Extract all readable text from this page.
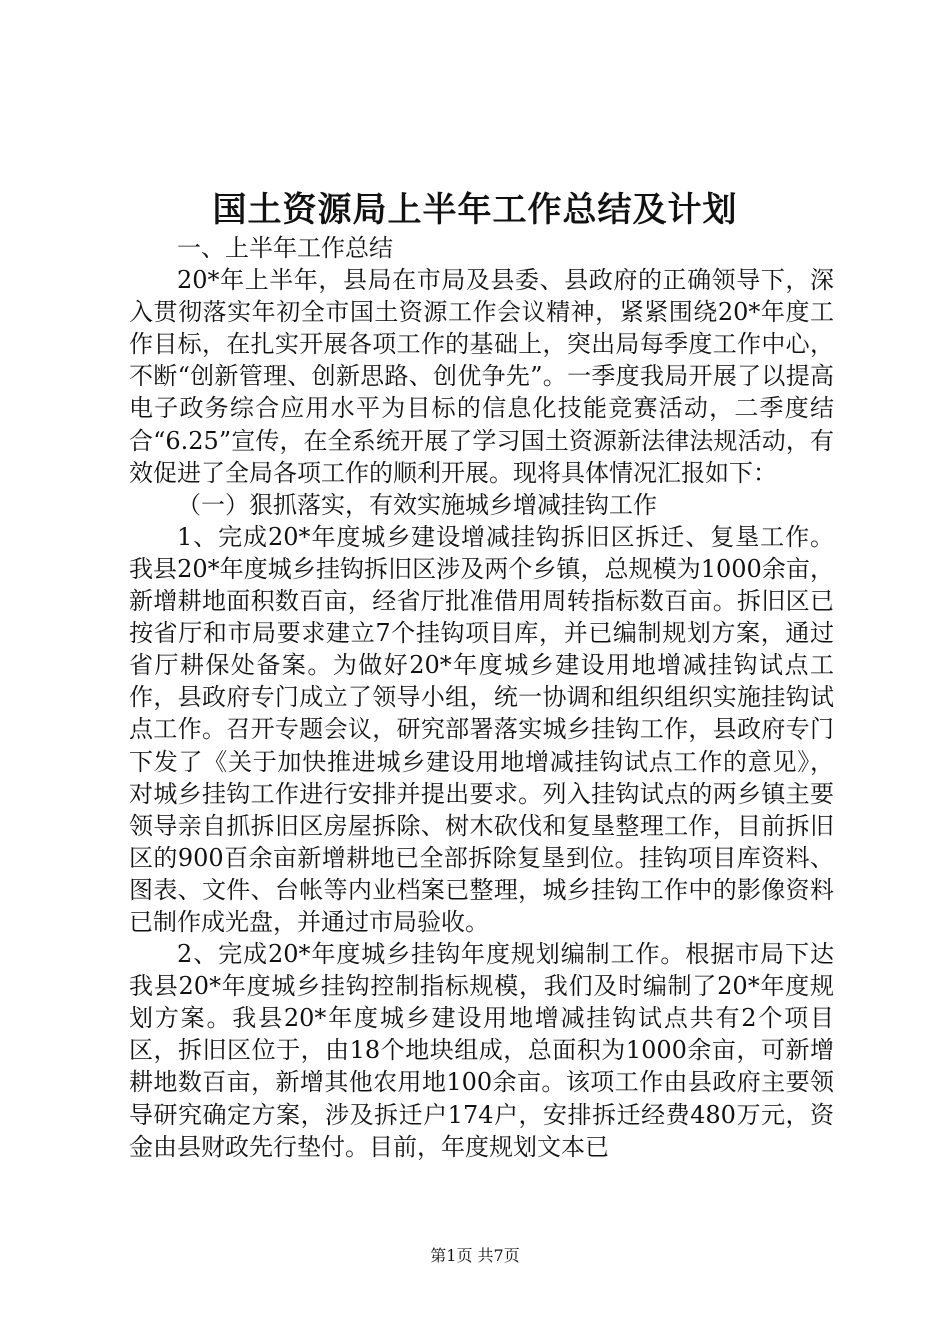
国土资源局上半年工作总结及计划

一、上半年工作总结

20*年上半年，县局在市局及县委、县政府的正确领导下，深入贯彻落实年初全市国土资源工作会议精神，紧紧围绕20*年度工作目标，在扎实开展各项工作的基础上，突出局每季度工作中心，不断“创新管理、创新思路、创优争先”。一季度我局开展了以提高电子政务综合应用水平为目标的信息化技能竞赛活动，二季度结合“6.25”宣传，在全系统开展了学习国土资源新法律法规活动，有效促进了全局各项工作的顺利开展。现将具体情况汇报如下：

（一）狠抓落实，有效实施城乡增减挂钩工作

1、完成20*年度城乡建设增减挂钩拆旧区拆迁、复垦工作。我县20*年度城乡挂钩拆旧区涉及两个乡镇，总规模为1000余亩，新增耕地面积数百亩，经省厅批准借用周转指标数百亩。拆旧区已按省厅和市局要求建立7个挂钩项目库，并已编制规划方案，通过省厅耕保处备案。为做好20*年度城乡建设用地增减挂钩试点工作，县政府专门成立了领导小组，统一协调和组织组织实施挂钩试点工作。召开专题会议，研究部署落实城乡挂钩工作，县政府专门下发了《关于加快推进城乡建设用地增减挂钩试点工作的意见》，对城乡挂钩工作进行安排并提出要求。列入挂钩试点的两乡镇主要领导亲自抓拆旧区房屋拆除、树木砍伐和复垦整理工作，目前拆旧区的900百余亩新增耕地已全部拆除复垦到位。挂钩项目库资料、图表、文件、台帐等内业档案已整理，城乡挂钩工作中的影像资料已制作成光盘，并通过市局验收。

2、完成20*年度城乡挂钩年度规划编制工作。根据市局下达我县20*年度城乡挂钩控制指标规模，我们及时编制了20*年度规划方案。我县20*年度城乡建设用地增减挂钩试点共有2个项目区，拆旧区位于，由18个地块组成，总面积为1000余亩，可新增耕地数百亩，新增其他农用地100余亩。该项工作由县政府主要领导研究确定方案，涉及拆迁户174户，安排拆迁经费480万元，资金由县财政先行垫付。目前，年度规划文本已

第1页 共7页
